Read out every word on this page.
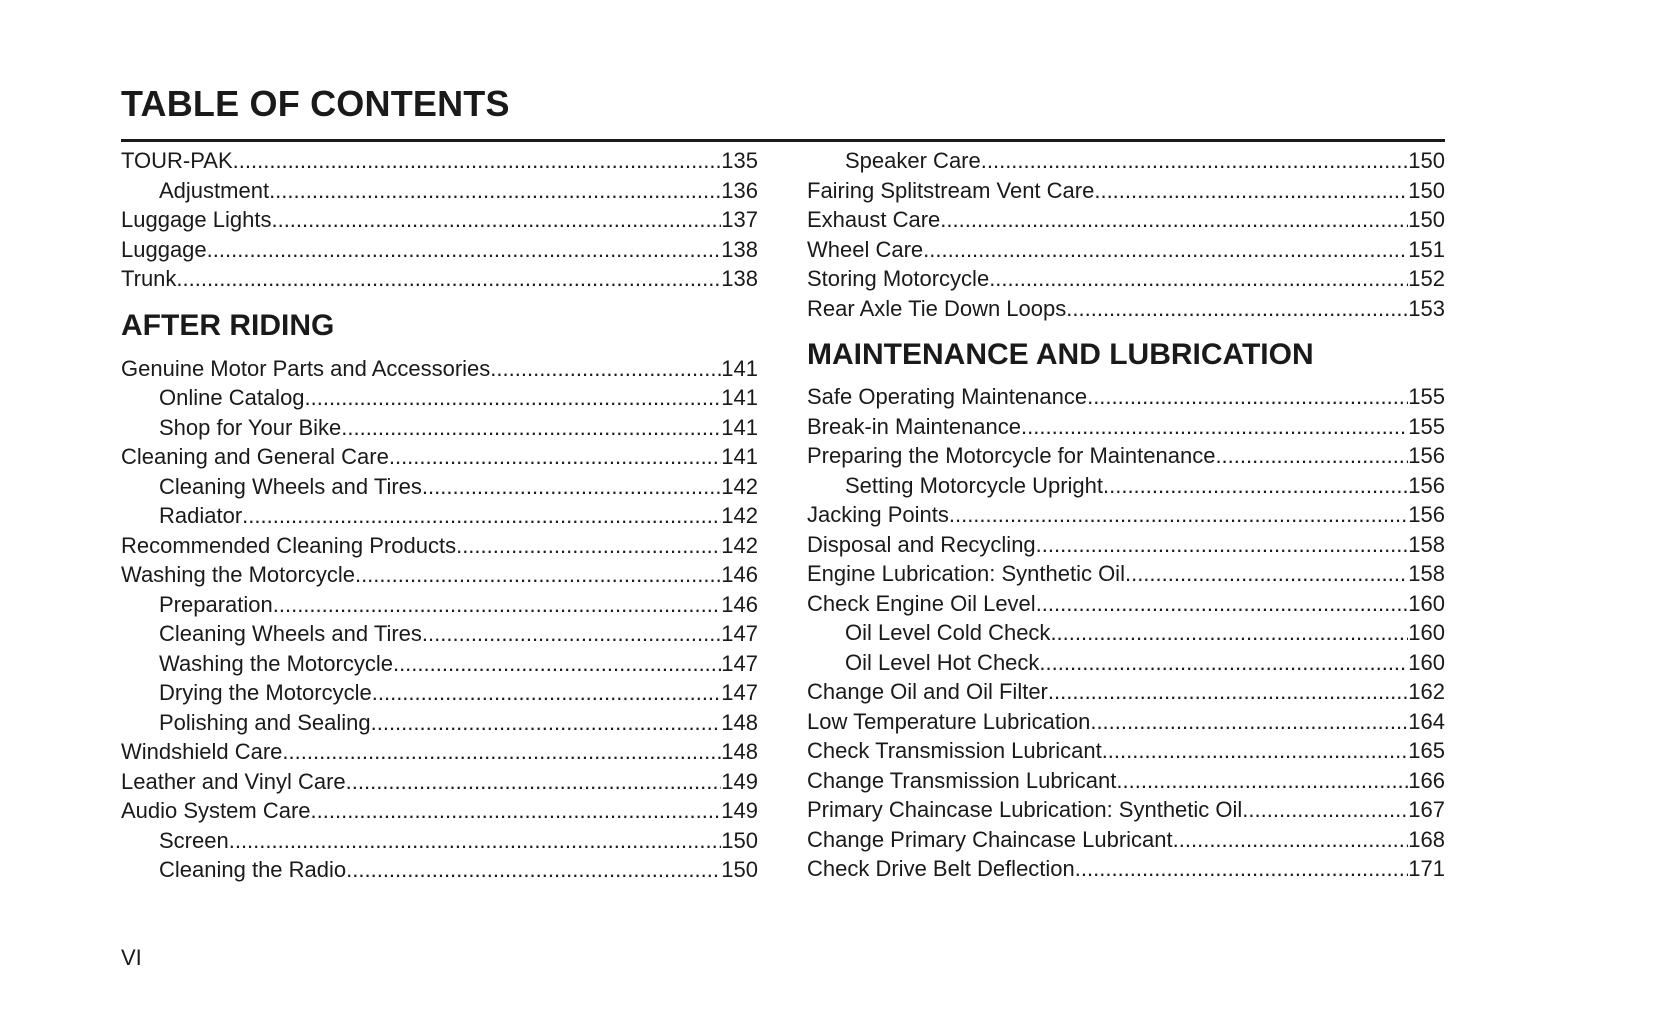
TABLE OF CONTENTS
TOUR-PAK .....	135
Adjustment .....	136
Luggage Lights .....	137
Luggage .....	138
Trunk .....	138
AFTER RIDING
Genuine Motor Parts and Accessories .....	141
Online Catalog .....	141
Shop for Your Bike .....	141
Cleaning and General Care .....	141
Cleaning Wheels and Tires .....	142
Radiator .....	142
Recommended Cleaning Products .....	142
Washing the Motorcycle .....	146
Preparation .....	146
Cleaning Wheels and Tires .....	147
Washing the Motorcycle .....	147
Drying the Motorcycle .....	147
Polishing and Sealing .....	148
Windshield Care .....	148
Leather and Vinyl Care .....	149
Audio System Care .....	149
Screen .....	150
Cleaning the Radio .....	150
Speaker Care .....	150
Fairing Splitstream Vent Care .....	150
Exhaust Care .....	150
Wheel Care .....	151
Storing Motorcycle .....	152
Rear Axle Tie Down Loops .....	153
MAINTENANCE AND LUBRICATION
Safe Operating Maintenance .....	155
Break-in Maintenance .....	155
Preparing the Motorcycle for Maintenance .....	156
Setting Motorcycle Upright .....	156
Jacking Points .....	156
Disposal and Recycling .....	158
Engine Lubrication: Synthetic Oil .....	158
Check Engine Oil Level .....	160
Oil Level Cold Check .....	160
Oil Level Hot Check .....	160
Change Oil and Oil Filter .....	162
Low Temperature Lubrication .....	164
Check Transmission Lubricant .....	165
Change Transmission Lubricant .....	166
Primary Chaincase Lubrication: Synthetic Oil .....	167
Change Primary Chaincase Lubricant .....	168
Check Drive Belt Deflection .....	171
VI
